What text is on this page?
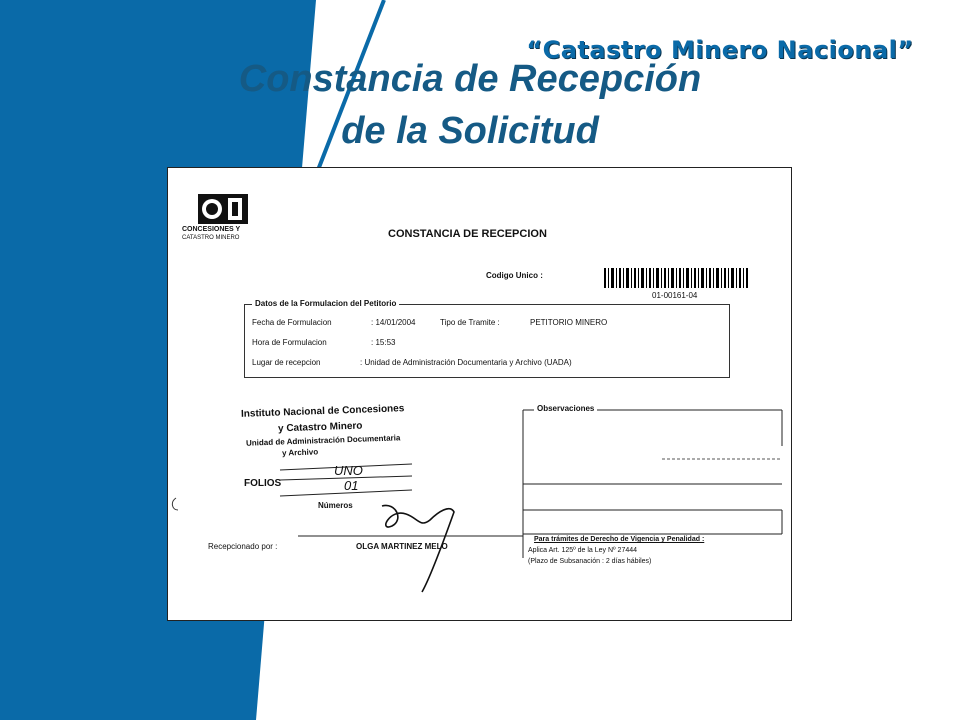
“Catastro Minero Nacional”
Constancia de Recepción
de la Solicitud
CONCESIONES Y
CATASTRO MINERO	CONSTANCIA DE RECEPCION
Codigo Unico :
01-00161-04
Datos de la Formulacion del Petitorio
Fecha de Formulacion	: 14/01/2004	Tipo de Tramite :	PETITORIO MINERO
Hora de Formulacion	: 15:53
Lugar de recepcion	: Unidad de Administración Documentaria y Archivo (UADA)
Instituto Nacional de Concesiones
y Catastro Minero
Unidad de Administración Documentaria
y Archivo
FOLIOS
UNO
01
Números
Observaciones
Recepcionado por :	OLGA MARTINEZ MELO
Para trámites de Derecho de Vigencia y Penalidad :
Aplica Art. 125º de la Ley Nº 27444
(Plazo de Subsanación : 2 días hábiles)
